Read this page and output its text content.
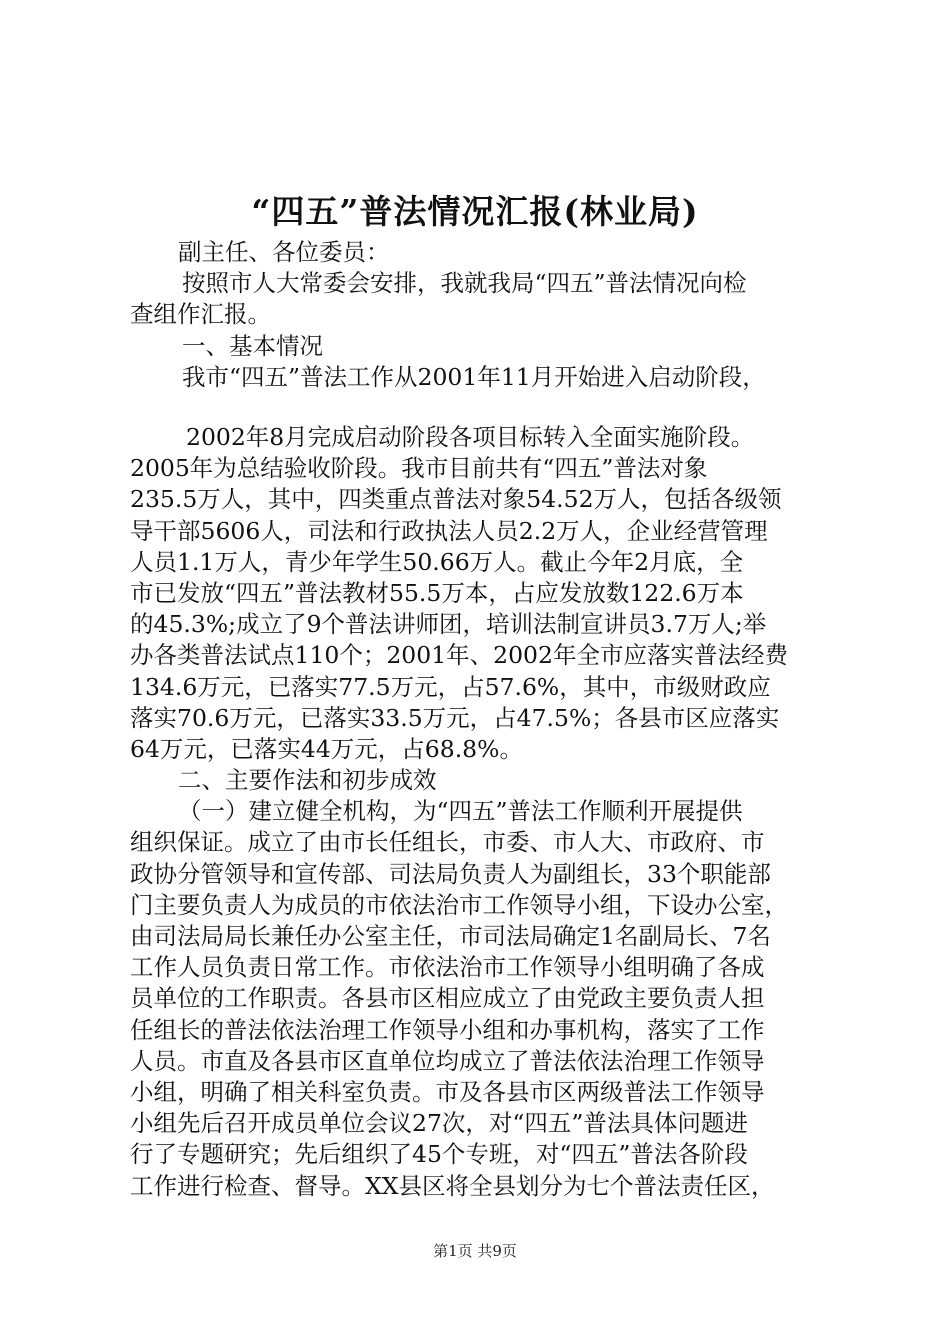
“四五”普法情况汇报(林业局)
副主任、各位委员：
按照市人大常委会安排，我就我局“四五”普法情况向检
查组作汇报。
一、基本情况
我市“四五”普法工作从2001年11月开始进入启动阶段，
2002年8月完成启动阶段各项目标转入全面实施阶段。
2005年为总结验收阶段。我市目前共有“四五”普法对象
235.5万人，其中，四类重点普法对象54.52万人，包括各级领
导干部5606人，司法和行政执法人员2.2万人，企业经营管理
人员1.1万人，青少年学生50.66万人。截止今年2月底，全
市已发放“四五”普法教材55.5万本，占应发放数122.6万本
的45.3%;成立了9个普法讲师团，培训法制宣讲员3.7万人;举
办各类普法试点110个；2001年、2002年全市应落实普法经费
134.6万元，已落实77.5万元，占57.6%，其中，市级财政应
落实70.6万元，已落实33.5万元，占47.5%；各县市区应落实
64万元，已落实44万元，占68.8%。
二、主要作法和初步成效
（一）建立健全机构，为“四五”普法工作顺利开展提供
组织保证。成立了由市长任组长，市委、市人大、市政府、市
政协分管领导和宣传部、司法局负责人为副组长，33个职能部
门主要负责人为成员的市依法治市工作领导小组，下设办公室，
由司法局局长兼任办公室主任，市司法局确定1名副局长、7名
工作人员负责日常工作。市依法治市工作领导小组明确了各成
员单位的工作职责。各县市区相应成立了由党政主要负责人担
任组长的普法依法治理工作领导小组和办事机构，落实了工作
人员。市直及各县市区直单位均成立了普法依法治理工作领导
小组，明确了相关科室负责。市及各县市区两级普法工作领导
小组先后召开成员单位会议27次，对“四五”普法具体问题进
行了专题研究；先后组织了45个专班，对“四五”普法各阶段
工作进行检查、督导。XX县区将全县划分为七个普法责任区，
第1页 共9页
